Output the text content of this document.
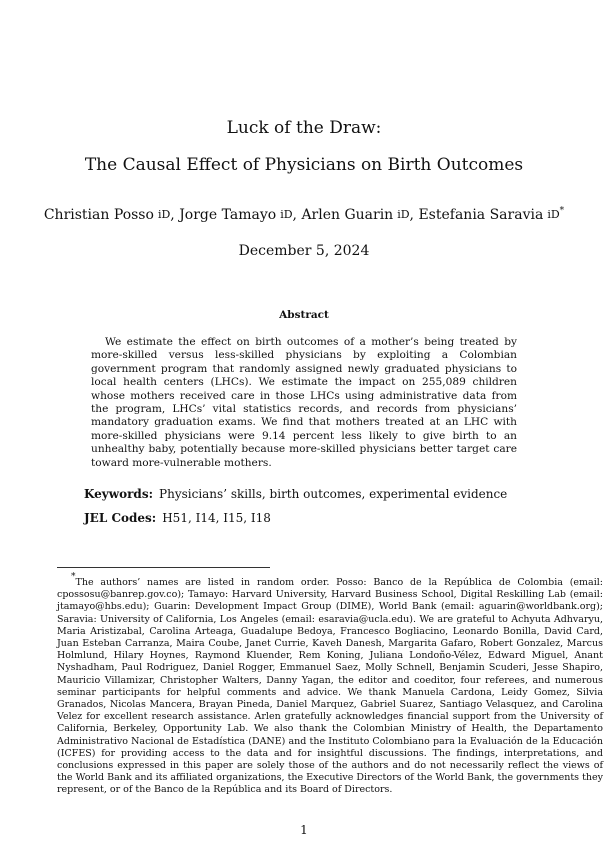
Luck of the Draw:
The Causal Effect of Physicians on Birth Outcomes
Christian Posso iD, Jorge Tamayo iD, Arlen Guarin iD, Estefania Saravia iD*
December 5, 2024
Abstract
We estimate the effect on birth outcomes of a mother’s being treated by more-skilled versus less-skilled physicians by exploiting a Colombian government program that randomly assigned newly graduated physicians to local health centers (LHCs). We estimate the impact on 255,089 children whose mothers received care in those LHCs using administrative data from the program, LHCs’ vital statistics records, and records from physicians’ mandatory graduation exams. We find that mothers treated at an LHC with more-skilled physicians were 9.14 percent less likely to give birth to an unhealthy baby, potentially because more-skilled physicians better target care toward more-vulnerable mothers.
Keywords: Physicians’ skills, birth outcomes, experimental evidence
JEL Codes: H51, I14, I15, I18
*The authors’ names are listed in random order. Posso: Banco de la República de Colombia (email: cpossosu@banrep.gov.co); Tamayo: Harvard University, Harvard Business School, Digital Reskilling Lab (email: jtamayo@hbs.edu); Guarin: Development Impact Group (DIME), World Bank (email: aguarin@worldbank.org); Saravia: University of California, Los Angeles (email: esaravia@ucla.edu). We are grateful to Achyuta Adhvaryu, Maria Aristizabal, Carolina Arteaga, Guadalupe Bedoya, Francesco Bogliacino, Leonardo Bonilla, David Card, Juan Esteban Carranza, Maira Coube, Janet Currie, Kaveh Danesh, Margarita Gafaro, Robert Gonzalez, Marcus Holmlund, Hilary Hoynes, Raymond Kluender, Rem Koning, Juliana Londoño-Vélez, Edward Miguel, Anant Nyshadham, Paul Rodriguez, Daniel Rogger, Emmanuel Saez, Molly Schnell, Benjamin Scuderi, Jesse Shapiro, Mauricio Villamizar, Christopher Walters, Danny Yagan, the editor and coeditor, four referees, and numerous seminar participants for helpful comments and advice. We thank Manuela Cardona, Leidy Gomez, Silvia Granados, Nicolas Mancera, Brayan Pineda, Daniel Marquez, Gabriel Suarez, Santiago Velasquez, and Carolina Velez for excellent research assistance. Arlen gratefully acknowledges financial support from the University of California, Berkeley, Opportunity Lab. We also thank the Colombian Ministry of Health, the Departamento Administrativo Nacional de Estadística (DANE) and the Instituto Colombiano para la Evaluación de la Educación (ICFES) for providing access to the data and for insightful discussions. The findings, interpretations, and conclusions expressed in this paper are solely those of the authors and do not necessarily reflect the views of the World Bank and its affiliated organizations, the Executive Directors of the World Bank, the governments they represent, or of the Banco de la República and its Board of Directors.
1
